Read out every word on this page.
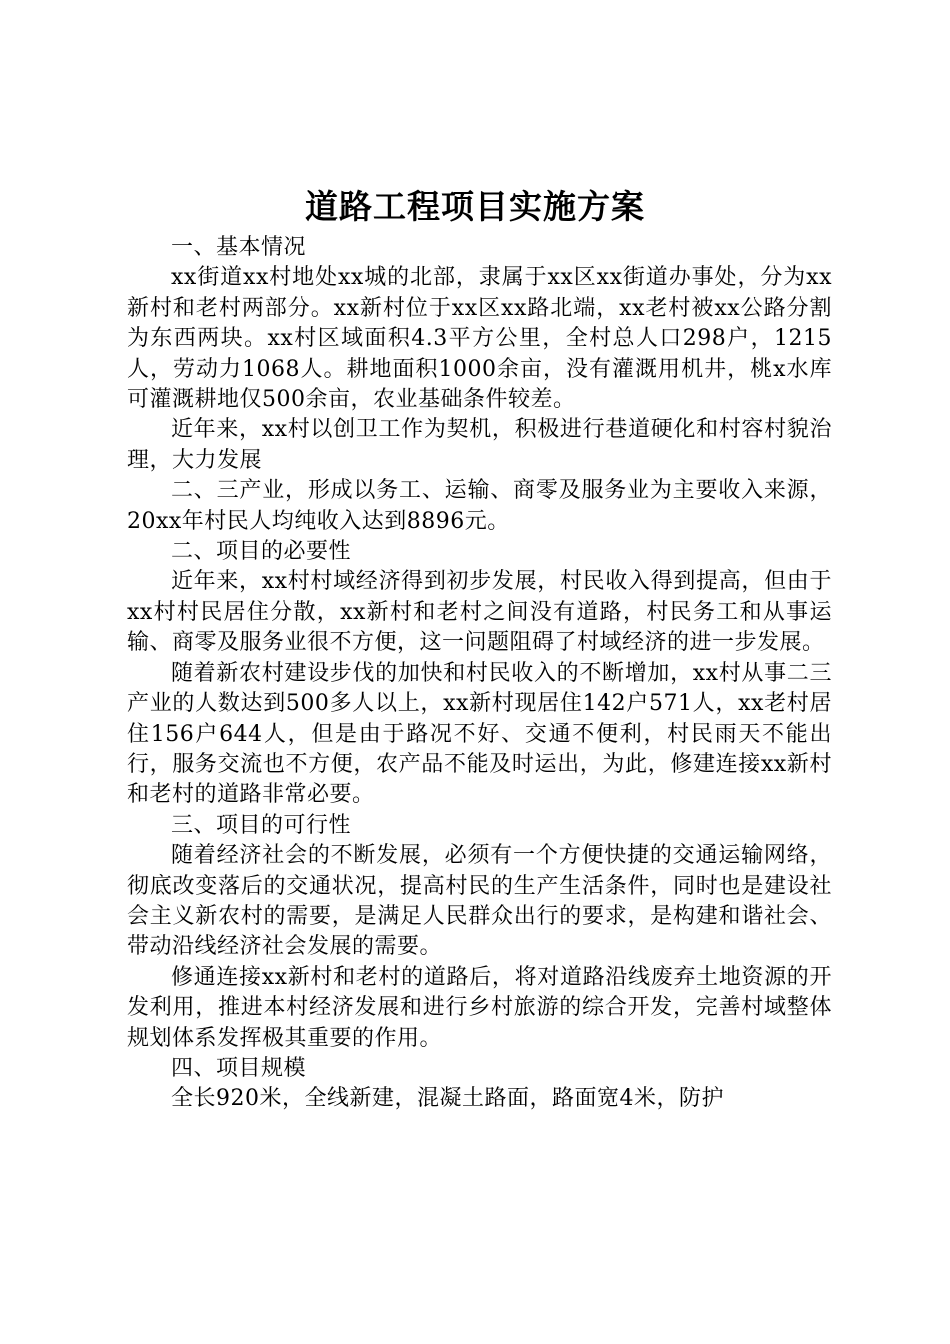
道路工程项目实施方案

一、基本情况

xx街道xx村地处xx城的北部，隶属于xx区xx街道办事处，分为xx新村和老村两部分。xx新村位于xx区xx路北端，xx老村被xx公路分割为东西两块。xx村区域面积4.3平方公里，全村总人口298户，1215人，劳动力1068人。耕地面积1000余亩，没有灌溉用机井，桃x水库可灌溉耕地仅500余亩，农业基础条件较差。

近年来，xx村以创卫工作为契机，积极进行巷道硬化和村容村貌治理，大力发展

二、三产业，形成以务工、运输、商零及服务业为主要收入来源，20xx年村民人均纯收入达到8896元。

二、项目的必要性

近年来，xx村村域经济得到初步发展，村民收入得到提高，但由于xx村村民居住分散，xx新村和老村之间没有道路，村民务工和从事运输、商零及服务业很不方便，这一问题阻碍了村域经济的进一步发展。

随着新农村建设步伐的加快和村民收入的不断增加，xx村从事二三产业的人数达到500多人以上，xx新村现居住142户571人，xx老村居住156户644人，但是由于路况不好、交通不便利，村民雨天不能出行，服务交流也不方便，农产品不能及时运出，为此，修建连接xx新村和老村的道路非常必要。

三、项目的可行性

随着经济社会的不断发展，必须有一个方便快捷的交通运输网络，彻底改变落后的交通状况，提高村民的生产生活条件，同时也是建设社会主义新农村的需要，是满足人民群众出行的要求，是构建和谐社会、带动沿线经济社会发展的需要。

修通连接xx新村和老村的道路后，将对道路沿线废弃土地资源的开发利用，推进本村经济发展和进行乡村旅游的综合开发，完善村域整体规划体系发挥极其重要的作用。

四、项目规模

全长920米，全线新建，混凝土路面，路面宽4米，防护
